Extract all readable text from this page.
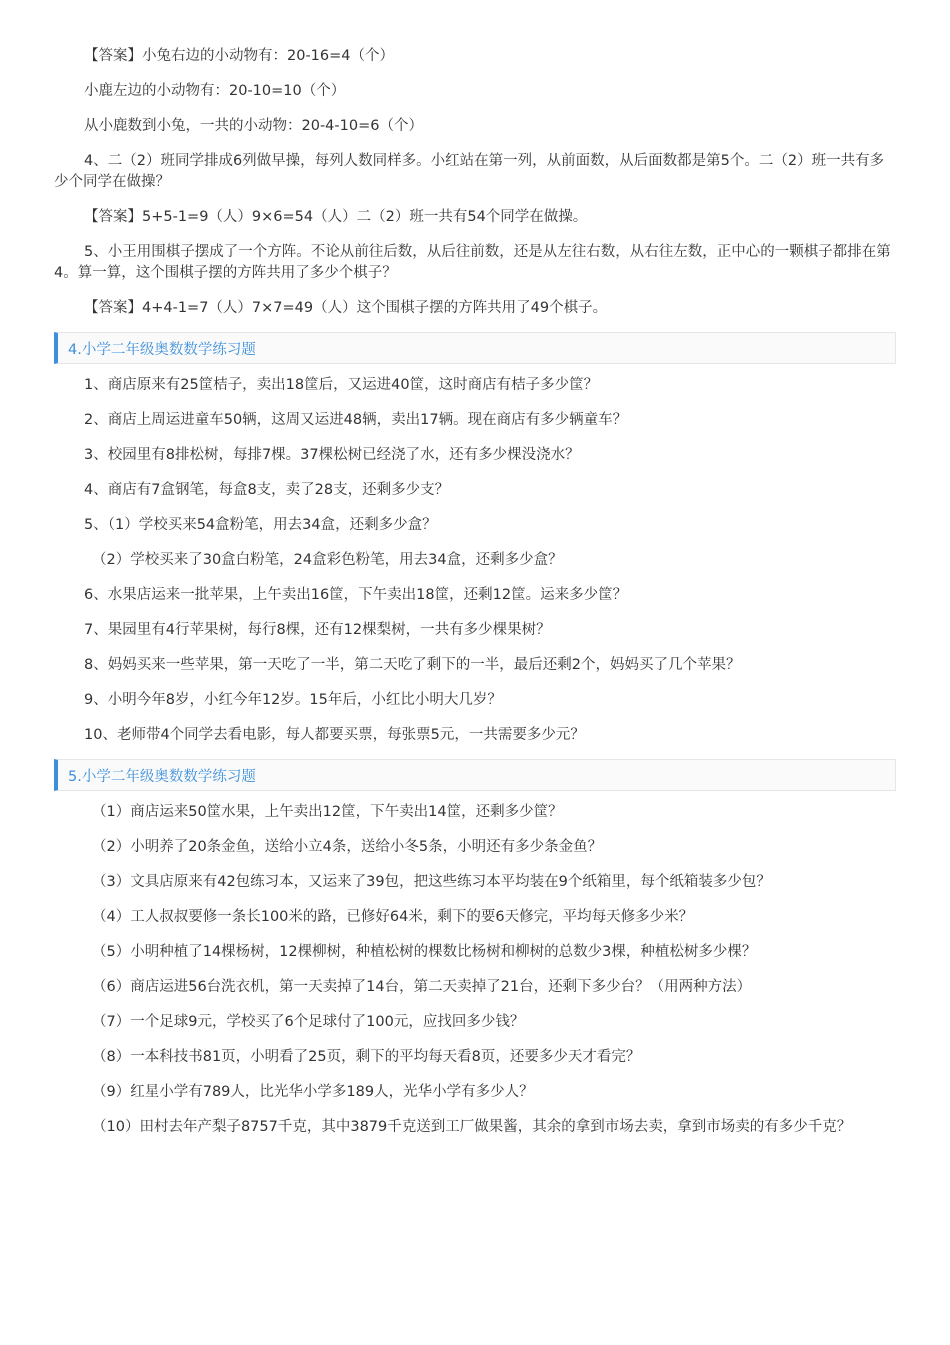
【答案】小兔右边的小动物有：20-16=4（个）

小鹿左边的小动物有：20-10=10（个）

从小鹿数到小兔，一共的小动物：20-4-10=6（个）

4、二（2）班同学排成6列做早操，每列人数同样多。小红站在第一列，从前面数，从后面数都是第5个。二（2）班一共有多少个同学在做操？

【答案】5+5-1=9（人）9×6=54（人）二（2）班一共有54个同学在做操。

5、小王用围棋子摆成了一个方阵。不论从前往后数，从后往前数，还是从左往右数，从右往左数，正中心的一颗棋子都排在第4。算一算，这个围棋子摆的方阵共用了多少个棋子？

【答案】4+4-1=7（人）7×7=49（人）这个围棋子摆的方阵共用了49个棋子。

4.小学二年级奥数数学练习题

1、商店原来有25筐桔子，卖出18筐后，又运进40筐，这时商店有桔子多少筐？

2、商店上周运进童车50辆，这周又运进48辆，卖出17辆。现在商店有多少辆童车？

3、校园里有8排松树，每排7棵。37棵松树已经浇了水，还有多少棵没浇水？

4、商店有7盒钢笔，每盒8支，卖了28支，还剩多少支？

5、（1）学校买来54盒粉笔，用去34盒，还剩多少盒？

（2）学校买来了30盒白粉笔，24盒彩色粉笔，用去34盒，还剩多少盒？

6、水果店运来一批苹果，上午卖出16筐，下午卖出18筐，还剩12筐。运来多少筐？

7、果园里有4行苹果树，每行8棵，还有12棵梨树，一共有多少棵果树？

8、妈妈买来一些苹果，第一天吃了一半，第二天吃了剩下的一半，最后还剩2个，妈妈买了几个苹果？

9、小明今年8岁，小红今年12岁。15年后，小红比小明大几岁？

10、老师带4个同学去看电影，每人都要买票，每张票5元，一共需要多少元？

5.小学二年级奥数数学练习题

（1）商店运来50筐水果，上午卖出12筐，下午卖出14筐，还剩多少筐？

（2）小明养了20条金鱼，送给小立4条，送给小冬5条，小明还有多少条金鱼？

（3）文具店原来有42包练习本，又运来了39包，把这些练习本平均装在9个纸箱里，每个纸箱装多少包？

（4）工人叔叔要修一条长100米的路，已修好64米，剩下的要6天修完，平均每天修多少米？

（5）小明种植了14棵杨树，12棵柳树，种植松树的棵数比杨树和柳树的总数少3棵，种植松树多少棵？

（6）商店运进56台洗衣机，第一天卖掉了14台，第二天卖掉了21台，还剩下多少台？（用两种方法）

（7）一个足球9元，学校买了6个足球付了100元，应找回多少钱？

（8）一本科技书81页，小明看了25页，剩下的平均每天看8页，还要多少天才看完？

（9）红星小学有789人，比光华小学多189人，光华小学有多少人？

（10）田村去年产梨子8757千克，其中3879千克送到工厂做果酱，其余的拿到市场去卖，拿到市场卖的有多少千克？
